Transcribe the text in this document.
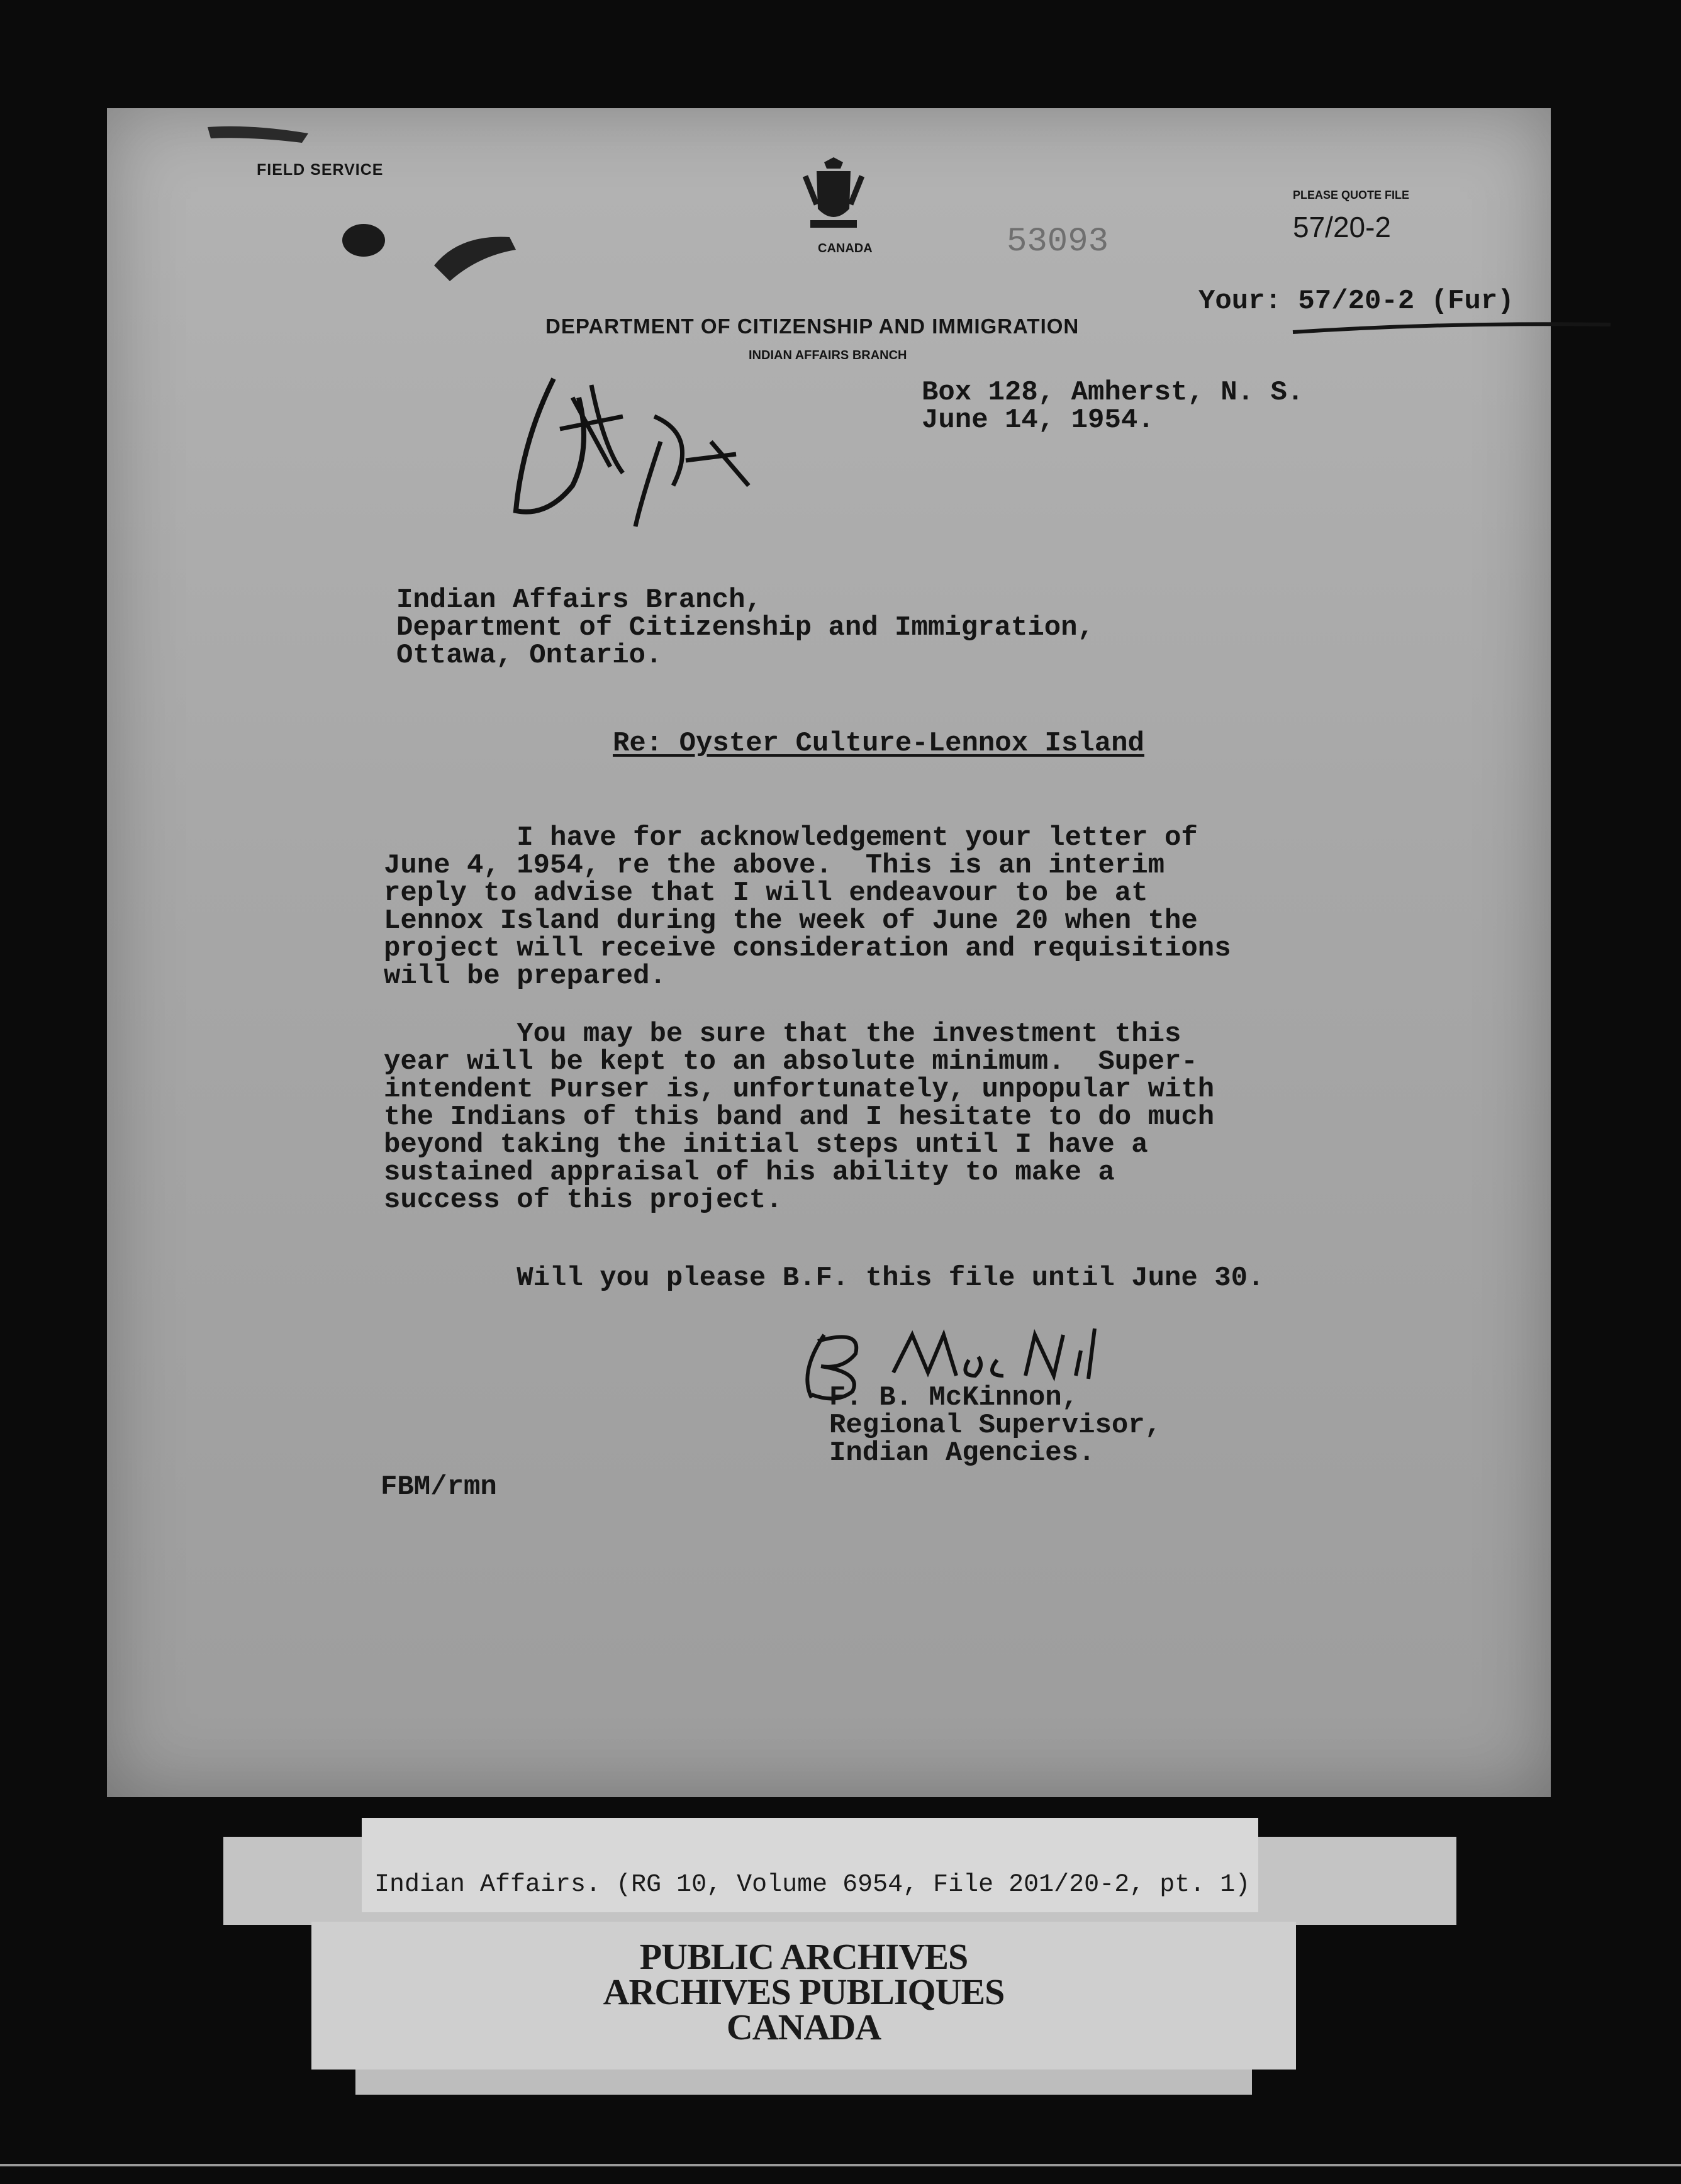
FIELD SERVICE
CANADA	53093
PLEASE QUOTE FILE
57/20-2
Your: 57/20-2 (Fur)
DEPARTMENT OF CITIZENSHIP AND IMMIGRATION
INDIAN AFFAIRS BRANCH
Box 128, Amherst, N. S.
June 14, 1954.
Indian Affairs Branch,
Department of Citizenship and Immigration,
Ottawa, Ontario.
Re: Oyster Culture-Lennox Island
I have for acknowledgement your letter of
June 4, 1954, re the above.  This is an interim
reply to advise that I will endeavour to be at
Lennox Island during the week of June 20 when the
project will receive consideration and requisitions
will be prepared.
You may be sure that the investment this
year will be kept to an absolute minimum.  Super-
intendent Purser is, unfortunately, unpopular with
the Indians of this band and I hesitate to do much
beyond taking the initial steps until I have a
sustained appraisal of his ability to make a
success of this project.
Will you please B.F. this file until June 30.
F. B. McKinnon,
Regional Supervisor,
Indian Agencies.
FBM/rmn
Indian Affairs. (RG 10, Volume 6954, File 201/20-2, pt. 1)
PUBLIC ARCHIVES
ARCHIVES PUBLIQUES
CANADA
